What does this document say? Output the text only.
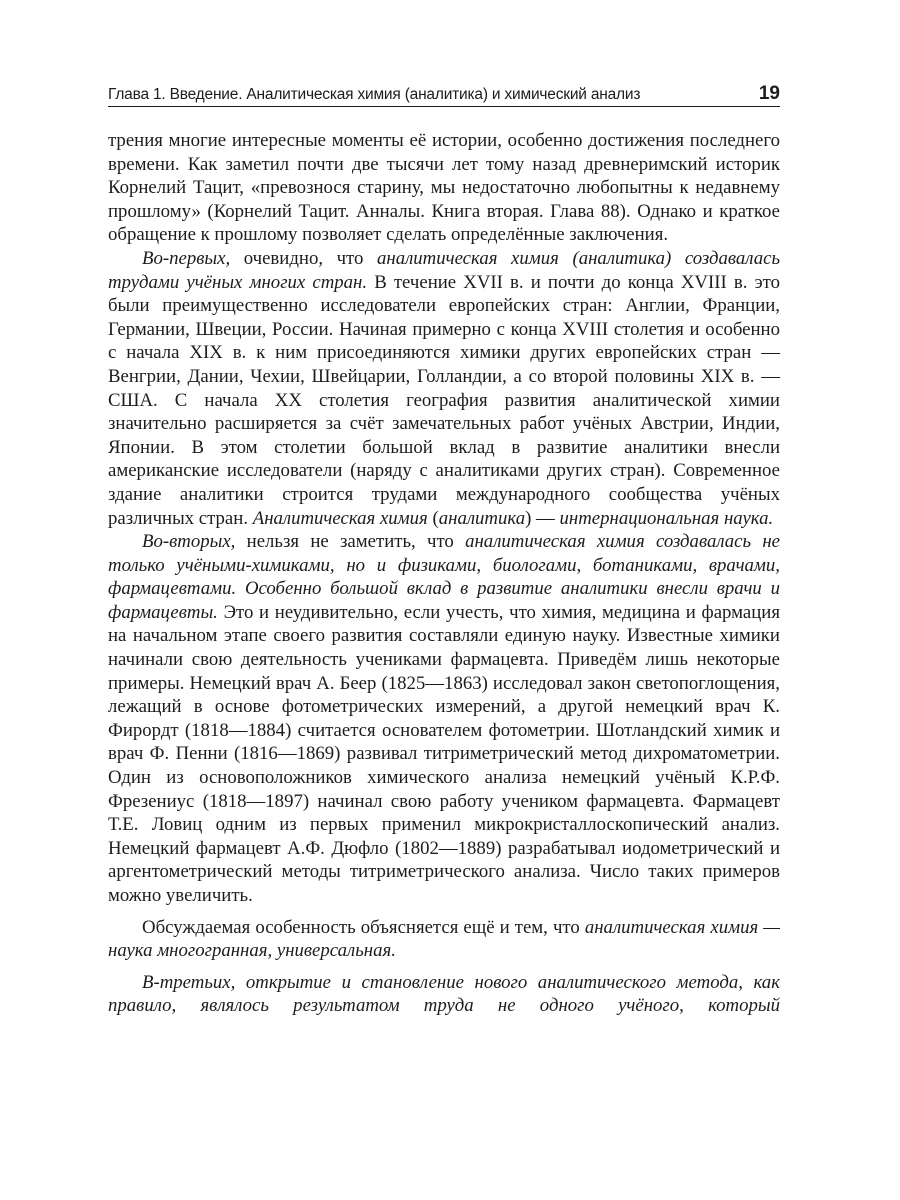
Глава 1. Введение. Аналитическая химия (аналитика) и химический анализ	19

трения многие интересные моменты её истории, особенно достижения последнего времени. Как заметил почти две тысячи лет тому назад древнеримский историк Корнелий Тацит, «превознося старину, мы недостаточно любопытны к недавнему прошлому» (Корнелий Тацит. Анналы. Книга вторая. Глава 88). Однако и краткое обращение к прошлому позволяет сделать определённые заключения.

Во-первых, очевидно, что аналитическая химия (аналитика) создавалась трудами учёных многих стран. В течение XVII в. и почти до конца XVIII в. это были преимущественно исследователи европейских стран: Англии, Франции, Германии, Швеции, России. Начиная примерно с конца XVIII столетия и особенно с начала XIX в. к ним присоединяются химики других европейских стран — Венгрии, Дании, Чехии, Швейцарии, Голландии, а со второй половины XIX в. — США. С начала XX столетия география развития аналитической химии значительно расширяется за счёт замечательных работ учёных Австрии, Индии, Японии. В этом столетии большой вклад в развитие аналитики внесли американские исследователи (наряду с аналитиками других стран). Современное здание аналитики строится трудами международного сообщества учёных различных стран. Аналитическая химия (аналитика) — интернациональная наука.

Во-вторых, нельзя не заметить, что аналитическая химия создавалась не только учёными-химиками, но и физиками, биологами, ботаниками, врачами, фармацевтами. Особенно большой вклад в развитие аналитики внесли врачи и фармацевты. Это и неудивительно, если учесть, что химия, медицина и фармация на начальном этапе своего развития составляли единую науку. Известные химики начинали свою деятельность учениками фармацевта. Приведём лишь некоторые примеры. Немецкий врач А. Беер (1825—1863) исследовал закон светопоглощения, лежащий в основе фотометрических измерений, а другой немецкий врач К. Фирордт (1818—1884) считается основателем фотометрии. Шотландский химик и врач Ф. Пенни (1816—1869) развивал титриметрический метод дихроматометрии. Один из основоположников химического анализа немецкий учёный К.Р.Ф. Фрезениус (1818—1897) начинал свою работу учеником фармацевта. Фармацевт Т.Е. Ловиц одним из первых применил микрокристаллоскопический анализ. Немецкий фармацевт А.Ф. Дюфло (1802—1889) разрабатывал иодометрический и аргентометрический методы титриметрического анализа. Число таких примеров можно увеличить.

Обсуждаемая особенность объясняется ещё и тем, что аналитическая химия — наука многогранная, универсальная.

В-третьих, открытие и становление нового аналитического метода, как правило, являлось результатом труда не одного учёного, который
